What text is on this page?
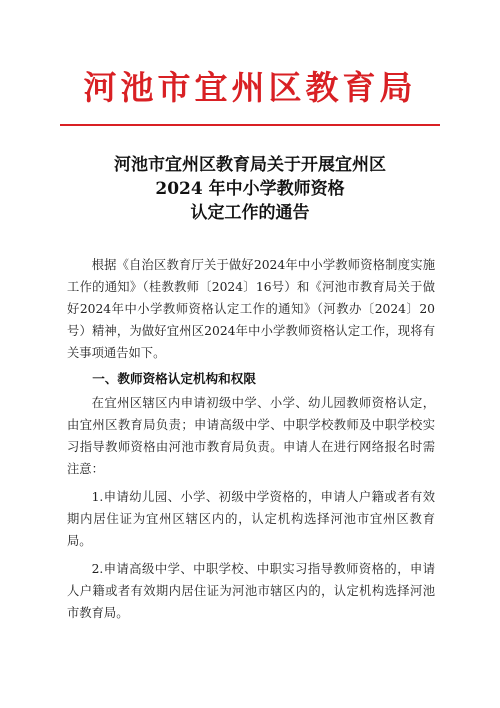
河池市宜州区教育局
河池市宜州区教育局关于开展宜州区
2024 年中小学教师资格
认定工作的通告

根据《自治区教育厅关于做好2024年中小学教师资格制度实施工作的通知》（桂教教师〔2024〕16号）和《河池市教育局关于做好2024年中小学教师资格认定工作的通知》（河教办〔2024〕20号）精神，为做好宜州区2024年中小学教师资格认定工作，现将有关事项通告如下。

一、教师资格认定机构和权限

在宜州区辖区内申请初级中学、小学、幼儿园教师资格认定，由宜州区教育局负责；申请高级中学、中职学校教师及中职学校实习指导教师资格由河池市教育局负责。申请人在进行网络报名时需注意：

1.申请幼儿园、小学、初级中学资格的，申请人户籍或者有效期内居住证为宜州区辖区内的，认定机构选择河池市宜州区教育局。

2.申请高级中学、中职学校、中职实习指导教师资格的，申请人户籍或者有效期内居住证为河池市辖区内的，认定机构选择河池市教育局。
